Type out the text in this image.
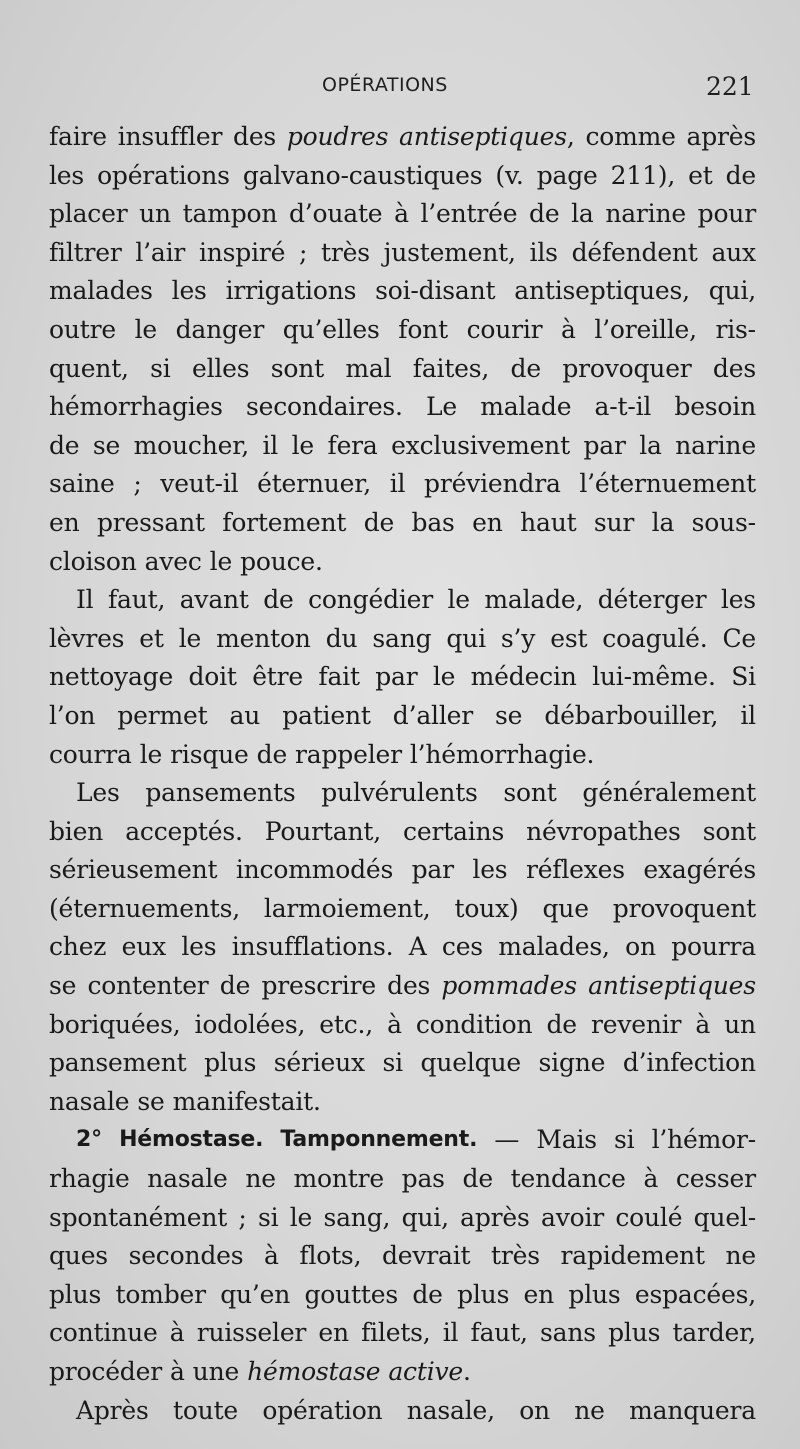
OPÉRATIONS	221
faire insuffler des poudres antiseptiques, comme après
les opérations galvano-caustiques (v. page 211), et de
placer un tampon d’ouate à l’entrée de la narine pour
filtrer l’air inspiré ; très justement, ils défendent aux
malades les irrigations soi-disant antiseptiques, qui,
outre le danger qu’elles font courir à l’oreille, ris-
quent, si elles sont mal faites, de provoquer des
hémorrhagies secondaires. Le malade a-t-il besoin
de se moucher, il le fera exclusivement par la narine
saine ; veut-il éternuer, il préviendra l’éternuement
en pressant fortement de bas en haut sur la sous-
cloison avec le pouce.
Il faut, avant de congédier le malade, déterger les
lèvres et le menton du sang qui s’y est coagulé. Ce
nettoyage doit être fait par le médecin lui-même. Si
l’on permet au patient d’aller se débarbouiller, il
courra le risque de rappeler l’hémorrhagie.
Les pansements pulvérulents sont généralement
bien acceptés. Pourtant, certains névropathes sont
sérieusement incommodés par les réflexes exagérés
(éternuements, larmoiement, toux) que provoquent
chez eux les insufflations. A ces malades, on pourra
se contenter de prescrire des pommades antiseptiques
boriquées, iodolées, etc., à condition de revenir à un
pansement plus sérieux si quelque signe d’infection
nasale se manifestait.
2° Hémostase. Tamponnement. — Mais si l’hémor-
rhagie nasale ne montre pas de tendance à cesser
spontanément ; si le sang, qui, après avoir coulé quel-
ques secondes à flots, devrait très rapidement ne
plus tomber qu’en gouttes de plus en plus espacées,
continue à ruisseler en filets, il faut, sans plus tarder,
procéder à une hémostase active.
Après toute opération nasale, on ne manquera
